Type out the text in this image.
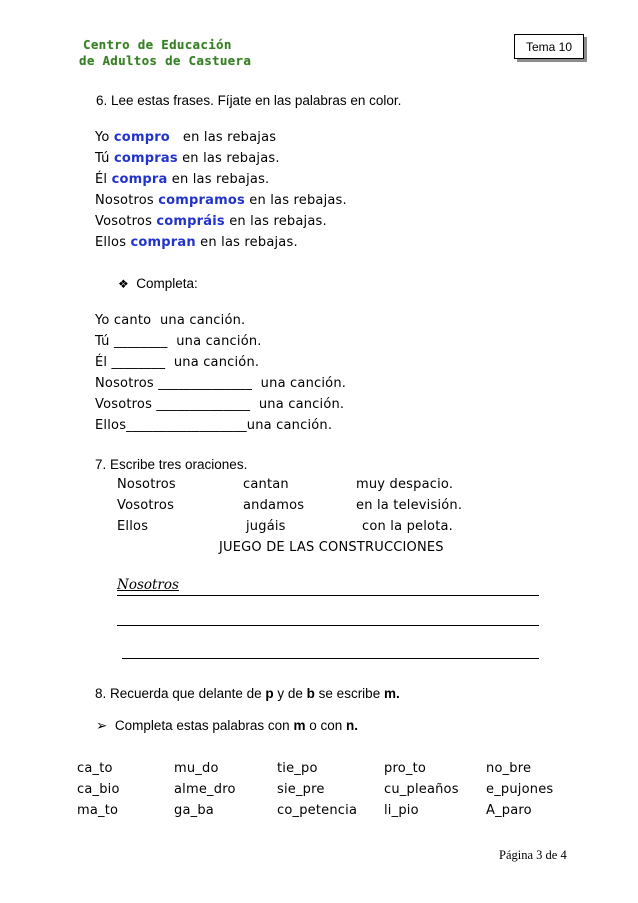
Centro de Educación
de Adultos de Castuera
Tema 10
6. Lee estas frases. Fíjate en las palabras en color.
Yo compro   en las rebajas
Tú compras en las rebajas.
Él compra en las rebajas.
Nosotros compramos en las rebajas.
Vosotros compráis en las rebajas.
Ellos compran en las rebajas.
❖ Completa:
Yo canto  una canción.
Tú ________  una canción.
Él ________  una canción.
Nosotros ______________  una canción.
Vosotros ______________  una canción.
Ellos__________________una canción.
7. Escribe tres oraciones.
Nosotros	cantan	muy despacio.
Vosotros	andamos	en la televisión.
Ellos	jugáis	con la pelota.
JUEGO DE LAS CONSTRUCCIONES
Nosotros
8. Recuerda que delante de p y de b se escribe m.
➢ Completa estas palabras con m o con n.
ca_to	mu_do	tie_po	pro_to	no_bre
ca_bio	alme_dro	sie_pre	cu_pleaños e_pujones
ma_to	ga_ba	co_petencia li_pio	A_paro
Página 3 de 4
